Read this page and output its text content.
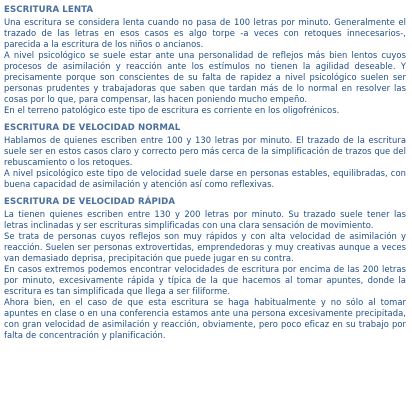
ESCRITURA LENTA

Una escritura se considera lenta cuando no pasa de 100 letras por minuto. Generalmente el trazado de las letras en esos casos es algo torpe -a veces con retoques innecesarios-, parecida a la escritura de los niños o ancianos.

A nivel psicológico se suele estar ante una personalidad de reflejos más bien lentos cuyos procesos de asimilación y reacción ante los estímulos no tienen la agilidad deseable. Y precisamente porque son conscientes de su falta de rapidez a nivel psicológico suelen ser personas prudentes y trabajadoras que saben que tardan más de lo normal en resolver las cosas por lo que, para compensar, las hacen poniendo mucho empeño.

En el terreno patológico este tipo de escritura es corriente en los oligofrénicos.

ESCRITURA DE VELOCIDAD NORMAL

Hablamos de quienes escriben entre 100 y 130 letras por minuto. El trazado de la escritura suele ser en estos casos claro y correcto pero más cerca de la simplificación de trazos que del rebuscamiento o los retoques.

A nivel psicológico este tipo de velocidad suele darse en personas estables, equilibradas, con buena capacidad de asimilación y atención así como reflexivas.

ESCRITURA DE VELOCIDAD RÁPIDA

La tienen quienes escriben entre 130 y 200 letras por minuto. Su trazado suele tener las letras inclinadas y ser escrituras simplificadas con una clara sensación de movimiento.

Se trata de personas cuyos reflejos son muy rápidos y con alta velocidad de asimilación y reacción. Suelen ser personas extrovertidas, emprendedoras y muy creativas aunque a veces van demasiado deprisa, precipitación que puede jugar en su contra.

En casos extremos podemos encontrar velocidades de escritura por encima de las 200 letras por minuto, excesivamente rápida y típica de la que hacemos al tomar apuntes, donde la escritura es tan simplificada que llega a ser filiforme.

Ahora bien, en el caso de que esta escritura se haga habitualmente y no sólo al tomar apuntes en clase o en una conferencia estamos ante una persona excesivamente precipitada, con gran velocidad de asimilación y reacción, obviamente, pero poco eficaz en su trabajo por falta de concentración y planificación.
